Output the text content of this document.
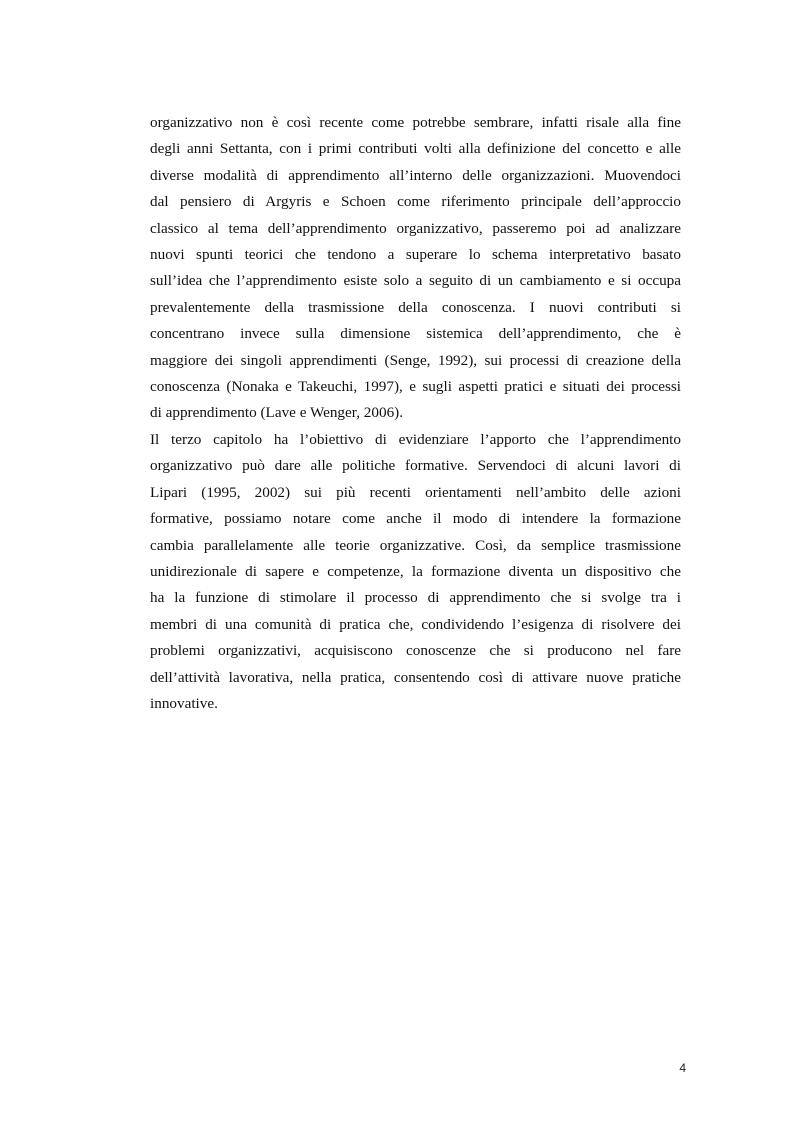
organizzativo non è così recente come potrebbe sembrare, infatti risale alla fine
degli anni Settanta, con i primi contributi volti alla definizione del concetto e alle
diverse modalità di apprendimento all’interno delle organizzazioni. Muovendoci
dal pensiero di Argyris e Schoen come riferimento principale dell’approccio
classico al tema dell’apprendimento organizzativo, passeremo poi ad analizzare
nuovi spunti teorici che tendono a superare lo schema interpretativo basato
sull’idea che l’apprendimento esiste solo a seguito di un cambiamento e si occupa
prevalentemente della trasmissione della conoscenza. I nuovi contributi si
concentrano invece sulla dimensione sistemica dell’apprendimento, che è
maggiore dei singoli apprendimenti (Senge, 1992), sui processi di creazione della
conoscenza (Nonaka e Takeuchi, 1997), e sugli aspetti pratici e situati dei processi
di apprendimento (Lave e Wenger, 2006).

Il terzo capitolo ha l’obiettivo di evidenziare l’apporto che l’apprendimento
organizzativo può dare alle politiche formative. Servendoci di alcuni lavori di
Lipari (1995, 2002) sui più recenti orientamenti nell’ambito delle azioni
formative, possiamo notare come anche il modo di intendere la formazione
cambia parallelamente alle teorie organizzative. Così, da semplice trasmissione
unidirezionale di sapere e competenze, la formazione diventa un dispositivo che
ha la funzione di stimolare il processo di apprendimento che si svolge tra i
membri di una comunità di pratica che, condividendo l’esigenza di risolvere dei
problemi organizzativi, acquisiscono conoscenze che si producono nel fare
dell’attività lavorativa, nella pratica, consentendo così di attivare nuove pratiche
innovative.

4
